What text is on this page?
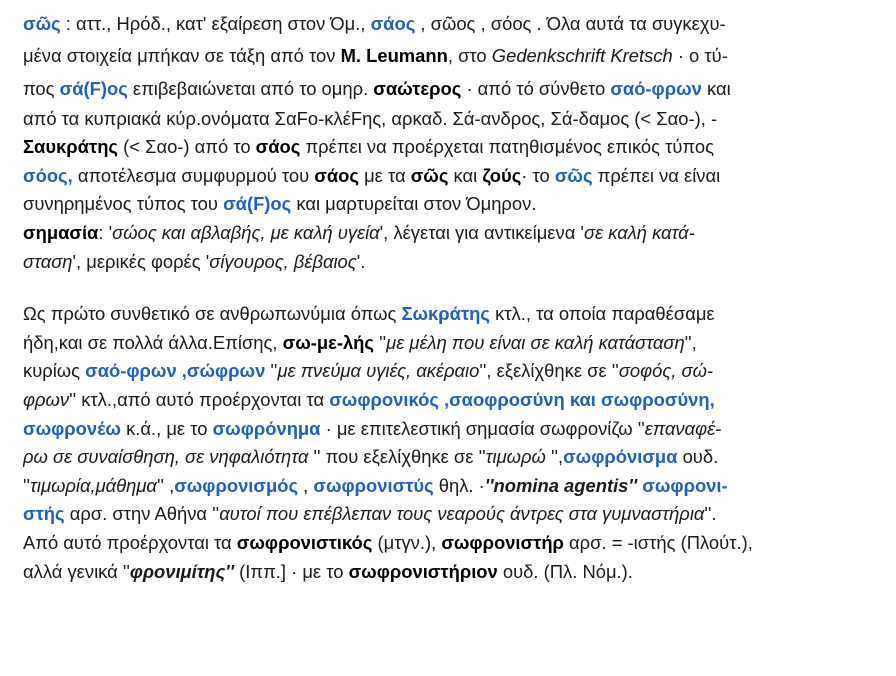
σῶς : αττ., Ηρόδ., κατ' εξαίρεση στον Όμ., σάος , σῶος , σόος . Όλα αυτά τα συγκεχυ-
μένα στοιχεία μπήκαν σε τάξη από τον M. Leumann, στο Gedenkschrift Kretsch · ο τύ-
πος σά(F)ος επιβεβαιώνεται από το ομηρ. σαώτερος · από τό σύνθετο σαό-φρων και
από τα κυπριακά κύρ.ονόματα ΣαFο-κλέFης, αρκαδ. Σά-ανδρος, Σά-δαμος (< Σαο-), -
Σαυκράτης (< Σαο-) από το σάος πρέπει να προέρχεται πατηθισμένος επικός τύπος
σόος, αποτέλεσμα συμφυρμού του σάος με τα σῶς και ζούς· το σῶς πρέπει να είναι
συνηρημένος τύπος του σά(F)ος και μαρτυρείται στον Όμηρον.
σημασία: 'σώος και αβλαβής, με καλή υγεία', λέγεται για αντικείμενα 'σε καλή κατά-
σταση', μερικές φορές 'σίγουρος, βέβαιος'.
Ως πρώτο συνθετικό σε ανθρωπωνύμια όπως Σωκράτης κτλ., τα οποία παραθέσαμε
ήδη,και σε πολλά άλλα.Επίσης, σω-με-λής ''με μέλη που είναι σε καλή κατάσταση'',
κυρίως σαό-φρων ,σώφρων ''με πνεύμα υγιές, ακέραιο'', εξελίχθηκε σε ''σοφός, σώ-
φρων'' κτλ.,από αυτό προέρχονται τα σωφρονικός ,σαοφροσύνη και σωφροσύνη,
σωφρονέω κ.ά., με το σωφρόνημα · με επιτελεστική σημασία σωφρονίζω ''επαναφέ-
ρω σε συναίσθηση, σε νηφαλιότητα '' που εξελίχθηκε σε ''τιμωρώ '',σωφρόνισμα ουδ.
''τιμωρία,μάθημα'' ,σωφρονισμός , σωφρονιστύς θηλ. ·''nomina agentis'' σωφρονι-
στής αρσ. στην Αθήνα ''αυτοί που επέβλεπαν τους νεαρούς άντρες στα γυμναστήρια''.
Από αυτό προέρχονται τα σωφρονιστικός (μτγν.), σωφρονιστήρ αρσ. = -ιστής (Πλούτ.),
αλλά γενικά ''φρονιμίτης'' (Ιππ.] · με το σωφρονιστήριον ουδ. (Πλ. Νόμ.).
